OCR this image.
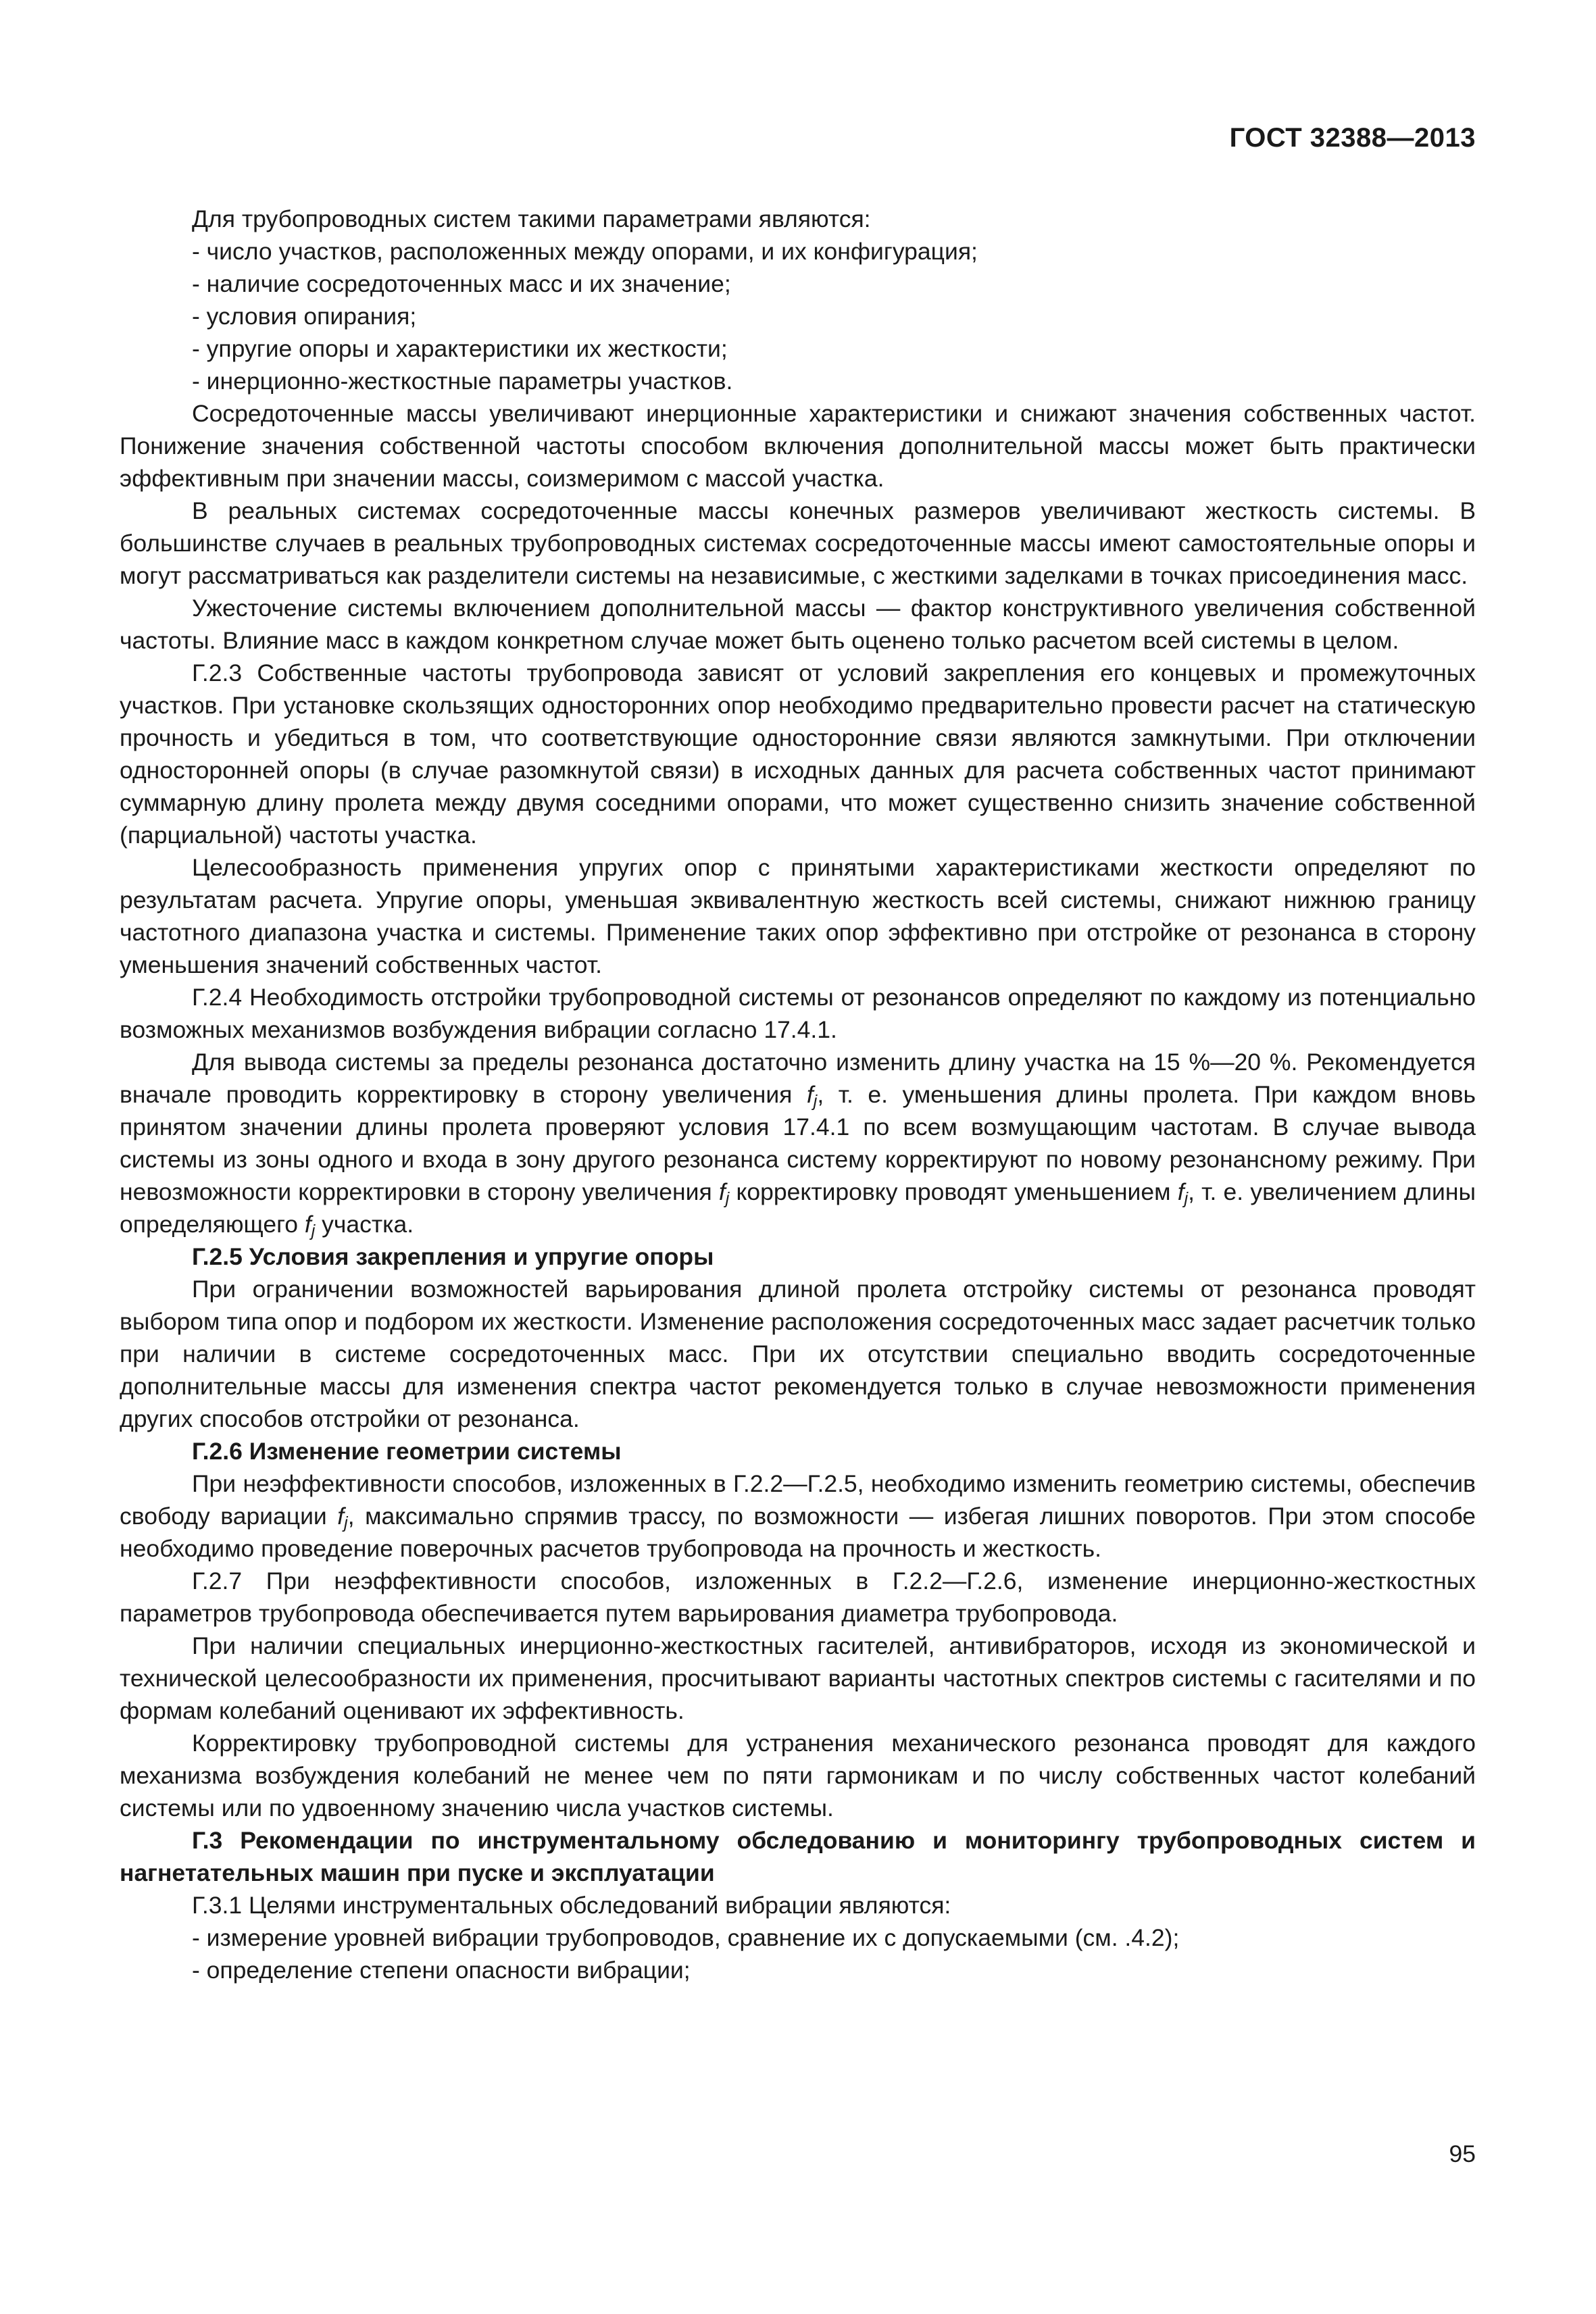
ГОСТ 32388—2013

Для трубопроводных систем такими параметрами являются:

- число участков, расположенных между опорами, и их конфигурация;

- наличие сосредоточенных масс и их значение;

- условия опирания;

- упругие опоры и характеристики их жесткости;

- инерционно-жесткостные параметры участков.

Сосредоточенные массы увеличивают инерционные характеристики и снижают значения собственных частот. Понижение значения собственной частоты способом включения дополнительной массы может быть практически эффективным при значении массы, соизмеримом с массой участка.

В реальных системах сосредоточенные массы конечных размеров увеличивают жесткость системы. В большинстве случаев в реальных трубопроводных системах сосредоточенные массы имеют самостоятельные опоры и могут рассматриваться как разделители системы на независимые, с жесткими заделками в точках присоединения масс.

Ужесточение системы включением дополнительной массы — фактор конструктивного увеличения собственной частоты. Влияние масс в каждом конкретном случае может быть оценено только расчетом всей системы в целом.

Г.2.3 Собственные частоты трубопровода зависят от условий закрепления его концевых и промежуточных участков. При установке скользящих односторонних опор необходимо предварительно провести расчет на статическую прочность и убедиться в том, что соответствующие односторонние связи являются замкнутыми. При отключении односторонней опоры (в случае разомкнутой связи) в исходных данных для расчета собственных частот принимают суммарную длину пролета между двумя соседними опорами, что может существенно снизить значение собственной (парциальной) частоты участка.

Целесообразность применения упругих опор с принятыми характеристиками жесткости определяют по результатам расчета. Упругие опоры, уменьшая эквивалентную жесткость всей системы, снижают нижнюю границу частотного диапазона участка и системы. Применение таких опор эффективно при отстройке от резонанса в сторону уменьшения значений собственных частот.

Г.2.4 Необходимость отстройки трубопроводной системы от резонансов определяют по каждому из потенциально возможных механизмов возбуждения вибрации согласно 17.4.1.

Для вывода системы за пределы резонанса достаточно изменить длину участка на 15 %—20 %. Рекомендуется вначале проводить корректировку в сторону увеличения $f_j$, т. е. уменьшения длины пролета. При каждом вновь принятом значении длины пролета проверяют условия 17.4.1 по всем возмущающим частотам. В случае вывода системы из зоны одного и входа в зону другого резонанса систему корректируют по новому резонансному режиму. При невозможности корректировки в сторону увеличения $f_j$ корректировку проводят уменьшением $f_j$, т. е. увеличением длины определяющего $f_j$ участка.

Г.2.5 Условия закрепления и упругие опоры

При ограничении возможностей варьирования длиной пролета отстройку системы от резонанса проводят выбором типа опор и подбором их жесткости. Изменение расположения сосредоточенных масс задает расчетчик только при наличии в системе сосредоточенных масс. При их отсутствии специально вводить сосредоточенные дополнительные массы для изменения спектра частот рекомендуется только в случае невозможности применения других способов отстройки от резонанса.

Г.2.6 Изменение геометрии системы

При неэффективности способов, изложенных в Г.2.2—Г.2.5, необходимо изменить геометрию системы, обеспечив свободу вариации $f_j$, максимально спрямив трассу, по возможности — избегая лишних поворотов. При этом способе необходимо проведение поверочных расчетов трубопровода на прочность и жесткость.

Г.2.7 При неэффективности способов, изложенных в Г.2.2—Г.2.6, изменение инерционно-жесткостных параметров трубопровода обеспечивается путем варьирования диаметра трубопровода.

При наличии специальных инерционно-жесткостных гасителей, антивибраторов, исходя из экономической и технической целесообразности их применения, просчитывают варианты частотных спектров системы с гасителями и по формам колебаний оценивают их эффективность.

Корректировку трубопроводной системы для устранения механического резонанса проводят для каждого механизма возбуждения колебаний не менее чем по пяти гармоникам и по числу собственных частот колебаний системы или по удвоенному значению числа участков системы.

Г.3 Рекомендации по инструментальному обследованию и мониторингу трубопроводных систем и нагнетательных машин при пуске и эксплуатации

Г.3.1 Целями инструментальных обследований вибрации являются:

- измерение уровней вибрации трубопроводов, сравнение их с допускаемыми (см. .4.2);

- определение степени опасности вибрации;

95
